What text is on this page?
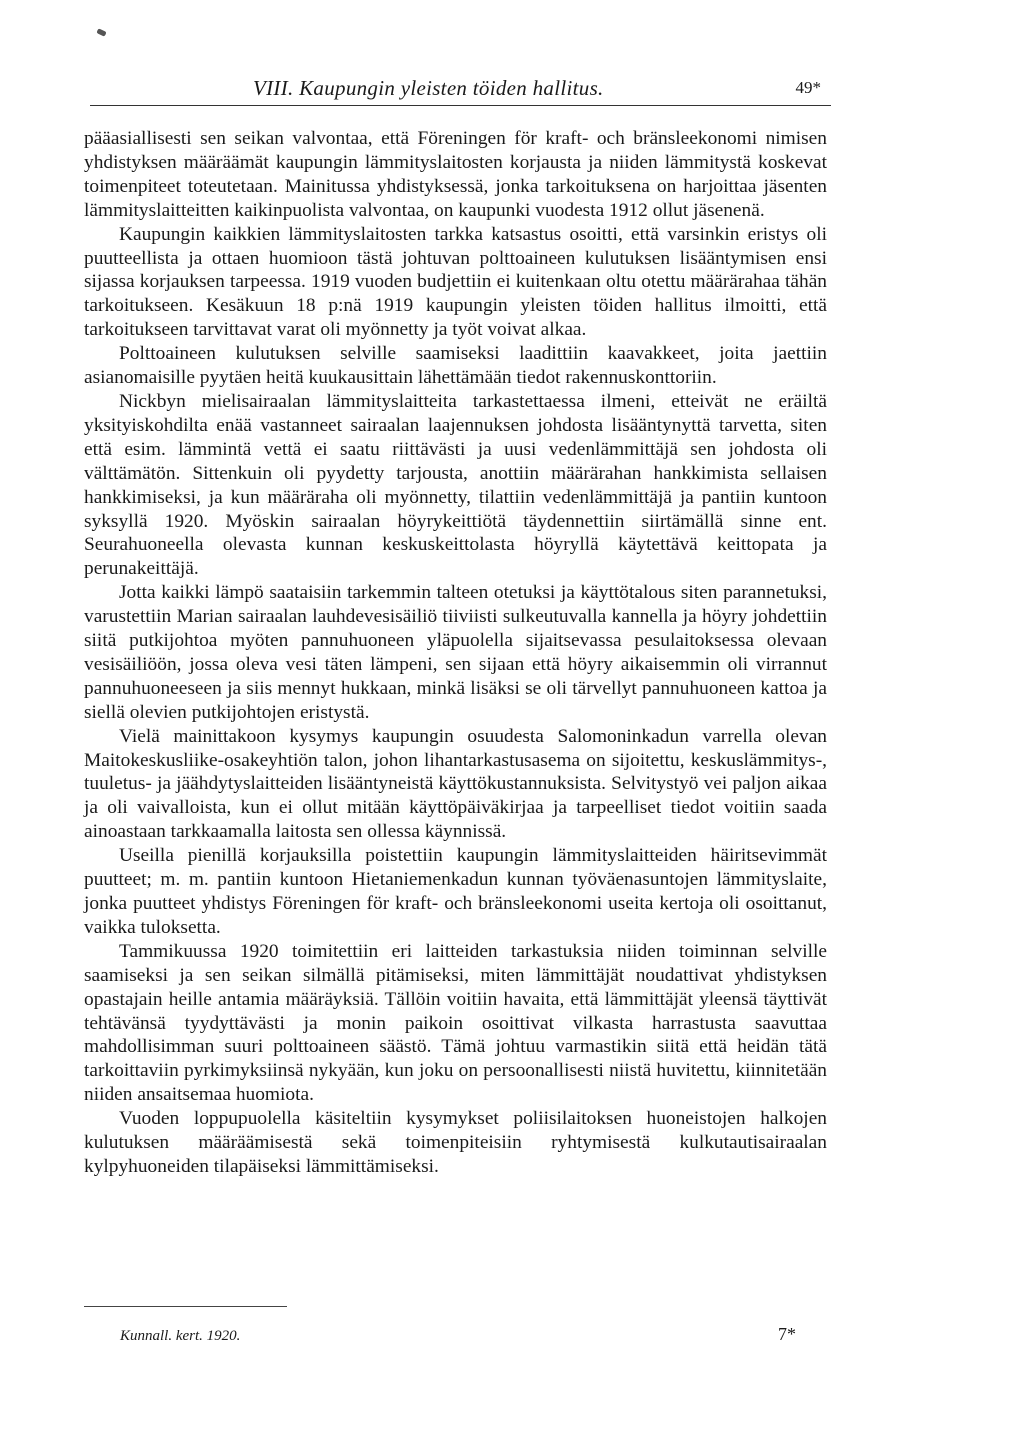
VIII. Kaupungin yleisten töiden hallitus.	49*

pääasiallisesti sen seikan valvontaa, että Föreningen för kraft- och bränsleekonomi nimisen yhdistyksen määräämät kaupungin lämmityslaitosten korjausta ja niiden lämmitystä koskevat toimenpiteet toteutetaan. Mainitussa yhdistyksessä, jonka tarkoituksena on harjoittaa jäsenten lämmityslaitteitten kaikinpuolista valvontaa, on kaupunki vuodesta 1912 ollut jäsenenä.

Kaupungin kaikkien lämmityslaitosten tarkka katsastus osoitti, että varsinkin eristys oli puutteellista ja ottaen huomioon tästä johtuvan polttoaineen kulutuksen lisääntymisen ensi sijassa korjauksen tarpeessa. 1919 vuoden budjettiin ei kuitenkaan oltu otettu määrärahaa tähän tarkoitukseen. Kesäkuun 18 p:nä 1919 kaupungin yleisten töiden hallitus ilmoitti, että tarkoitukseen tarvittavat varat oli myönnetty ja työt voivat alkaa.

Polttoaineen kulutuksen selville saamiseksi laadittiin kaavakkeet, joita jaettiin asianomaisille pyytäen heitä kuukausittain lähettämään tiedot rakennuskonttoriin.

Nickbyn mielisairaalan lämmityslaitteita tarkastettaessa ilmeni, etteivät ne eräiltä yksityiskohdilta enää vastanneet sairaalan laajennuksen johdosta lisääntynyttä tarvetta, siten että esim. lämmintä vettä ei saatu riittävästi ja uusi vedenlämmittäjä sen johdosta oli välttämätön. Sittenkuin oli pyydetty tarjousta, anottiin määrärahan hankkimista sellaisen hankkimiseksi, ja kun määräraha oli myönnetty, tilattiin vedenlämmittäjä ja pantiin kuntoon syksyllä 1920. Myöskin sairaalan höyrykeittiötä täydennettiin siirtämällä sinne ent. Seurahuoneella olevasta kunnan keskuskeittolasta höyryllä käytettävä keittopata ja perunakeittäjä.

Jotta kaikki lämpö saataisiin tarkemmin talteen otetuksi ja käyttötalous siten parannetuksi, varustettiin Marian sairaalan lauhdevesisäiliö tiiviisti sulkeutuvalla kannella ja höyry johdettiin siitä putkijohtoa myöten pannuhuoneen yläpuolella sijaitsevassa pesulaitoksessa olevaan vesisäiliöön, jossa oleva vesi täten lämpeni, sen sijaan että höyry aikaisemmin oli virrannut pannuhuoneeseen ja siis mennyt hukkaan, minkä lisäksi se oli tärvellyt pannuhuoneen kattoa ja siellä olevien putkijohtojen eristystä.

Vielä mainittakoon kysymys kaupungin osuudesta Salomoninkadun varrella olevan Maitokeskusliike-osakeyhtiön talon, johon lihantarkastusasema on sijoitettu, keskuslämmitys-, tuuletus- ja jäähdytyslaitteiden lisääntyneistä käyttökustannuksista. Selvitystyö vei paljon aikaa ja oli vaivalloista, kun ei ollut mitään käyttöpäiväkirjaa ja tarpeelliset tiedot voitiin saada ainoastaan tarkkaamalla laitosta sen ollessa käynnissä.

Useilla pienillä korjauksilla poistettiin kaupungin lämmityslaitteiden häiritsevimmät puutteet; m. m. pantiin kuntoon Hietaniemenkadun kunnan työväenasuntojen lämmityslaite, jonka puutteet yhdistys Föreningen för kraft- och bränsleekonomi useita kertoja oli osoittanut, vaikka tuloksetta.

Tammikuussa 1920 toimitettiin eri laitteiden tarkastuksia niiden toiminnan selville saamiseksi ja sen seikan silmällä pitämiseksi, miten lämmittäjät noudattivat yhdistyksen opastajain heille antamia määräyksiä. Tällöin voitiin havaita, että lämmittäjät yleensä täyttivät tehtävänsä tyydyttävästi ja monin paikoin osoittivat vilkasta harrastusta saavuttaa mahdollisimman suuri polttoaineen säästö. Tämä johtuu varmastikin siitä että heidän tätä tarkoittaviin pyrkimyksiinsä nykyään, kun joku on persoonallisesti niistä huvitettu, kiinnitetään niiden ansaitsemaa huomiota.

Vuoden loppupuolella käsiteltiin kysymykset poliisilaitoksen huoneistojen halkojen kulutuksen määräämisestä sekä toimenpiteisiin ryhtymisestä kulkutautisairaalan kylpyhuoneiden tilapäiseksi lämmittämiseksi.

Kunnall. kert. 1920.	7*
